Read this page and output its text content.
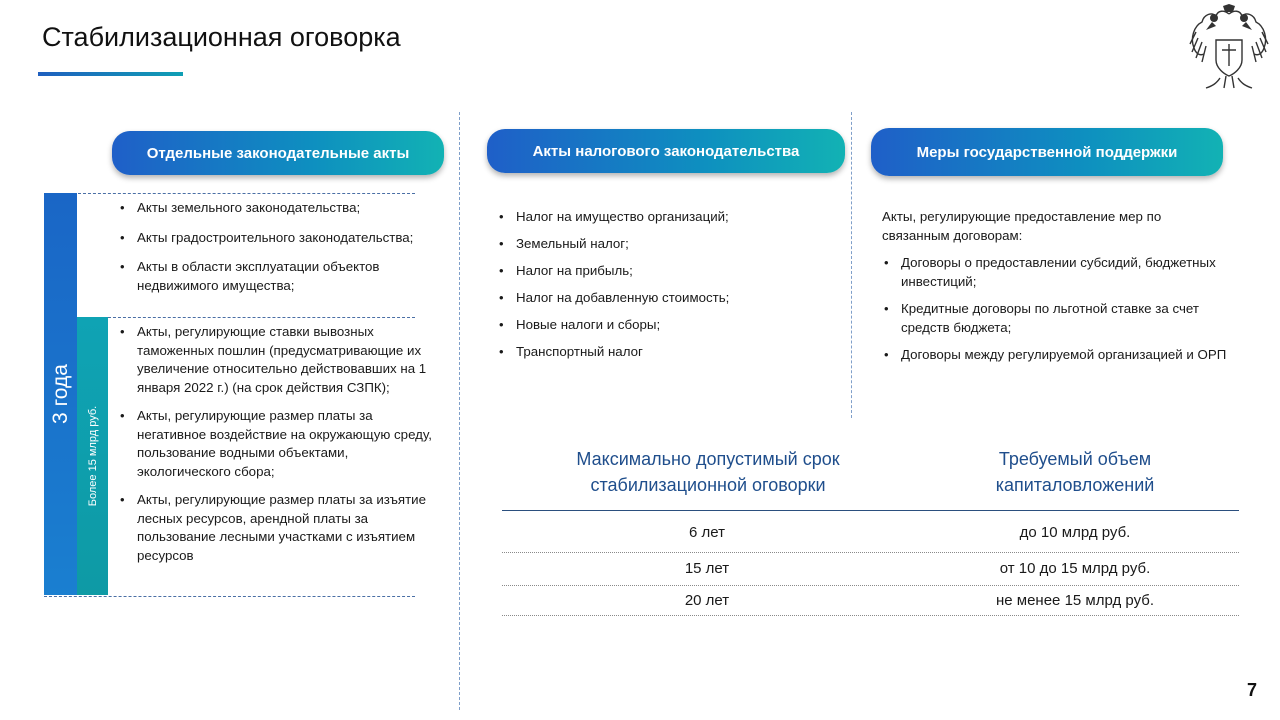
Стабилизационная оговорка
Отдельные законодательные акты	Акты налогового законодательства	Меры государственной поддержки
3 года
Более 15 млрд руб.
• Акты земельного законодательства;
• Акты градостроительного законодательства;
• Акты в области эксплуатации объектов недвижимого имущества;
• Акты, регулирующие ставки вывозных таможенных пошлин (предусматривающие их увеличение относительно действовавших на 1 января 2022 г.) (на срок действия СЗПК);
• Акты, регулирующие размер платы за негативное воздействие на окружающую среду, пользование водными объектами, экологического сбора;
• Акты, регулирующие размер платы за изъятие лесных ресурсов, арендной платы за пользование лесными участками с изъятием ресурсов
• Налог на имущество организаций;
• Земельный налог;
• Налог на прибыль;
• Налог на добавленную стоимость;
• Новые налоги и сборы;
• Транспортный налог
Акты, регулирующие предоставление мер по связанным договорам:
• Договоры о предоставлении субсидий, бюджетных инвестиций;
• Кредитные договоры по льготной ставке за счет средств бюджета;
• Договоры между регулируемой организацией и ОРП
Максимально допустимый срок стабилизационной оговорки
Требуемый объем капиталовложений
6 лет	до 10 млрд руб.
15 лет	от 10 до 15 млрд руб.
20 лет	не менее 15 млрд руб.
7
